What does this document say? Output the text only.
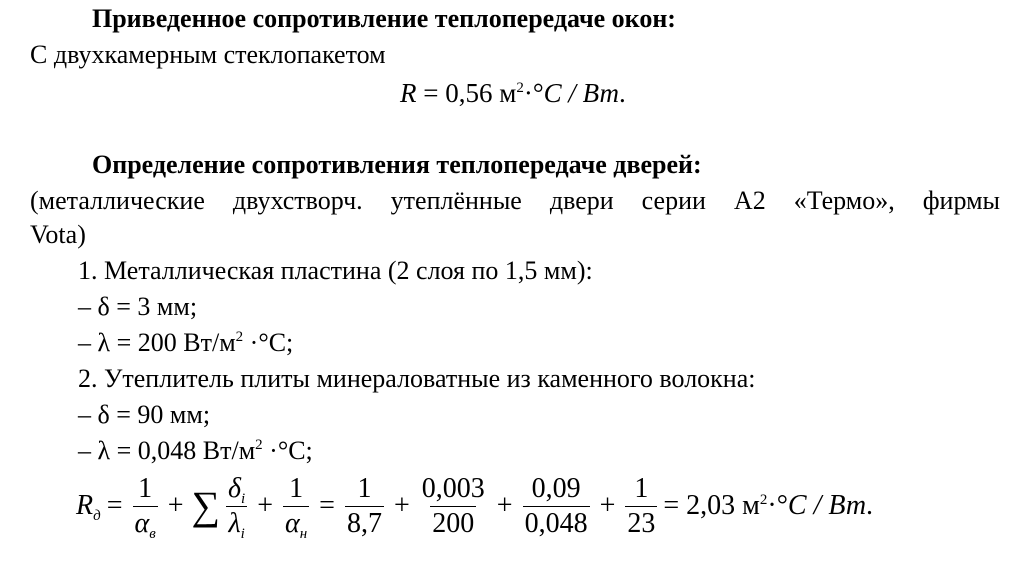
Приведенное сопротивление теплопередаче окон:
С двухкамерным стеклопакетом
R = 0,56 $м^2\cdot^\circ C$ / Вт.
Определение сопротивления теплопередаче дверей:
(металлические двухстворч. утеплённые двери серии А2 «Термо», фирмы
Vota)
1. Металлическая пластина (2 слоя по 1,5 мм):
– δ = 3 мм;
– λ = 200 $Вт/м^2 \cdot^\circ С$;
2. Утеплитель плиты минераловатные из каменного волокна:
– δ = 90 мм;
– λ = 0,048 $Вт/м^2 \cdot^\circ С$;
$R_д = \frac{1}{\alpha_в}$ + ∑ $\frac{\delta_i}{\lambda_i} + \frac{1}{\alpha_н} = \frac{1}{8,7} + \frac{0,003}{200} + \frac{0,09}{0,048} + \frac{1}{23} = 2,03$ $м^2\cdot^\circ C$ / Вт.
